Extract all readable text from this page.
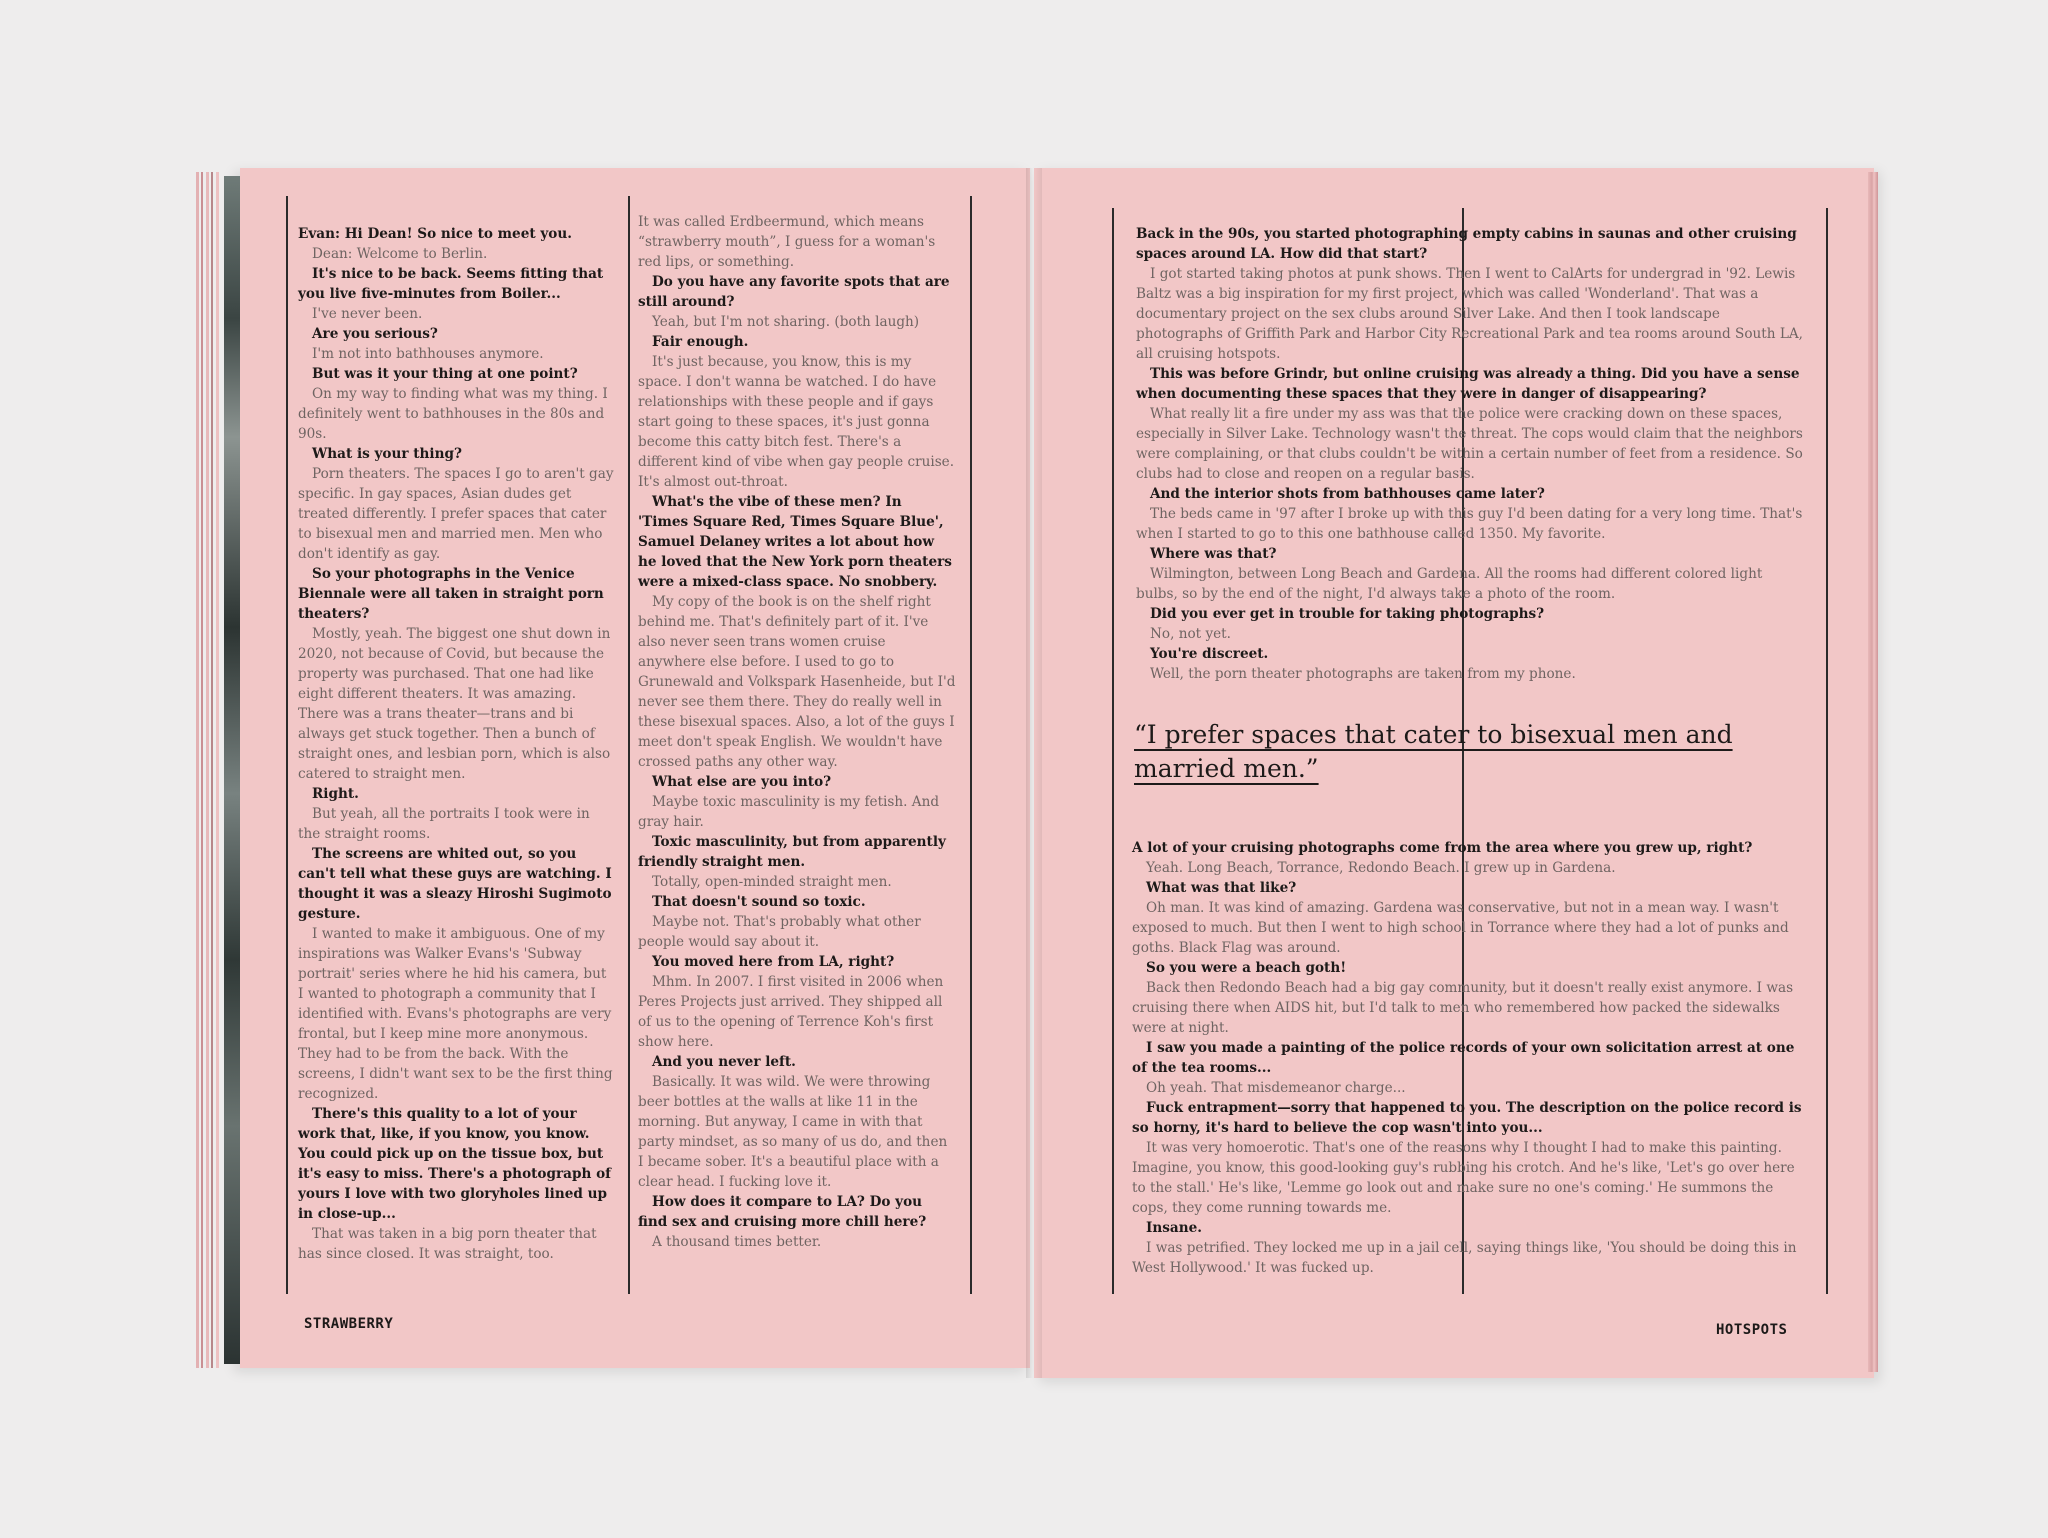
Evan: Hi Dean! So nice to meet you.

Dean: Welcome to Berlin.

It's nice to be back. Seems fitting that you live five-minutes from Boiler...

I've never been.

Are you serious?

I'm not into bathhouses anymore.

But was it your thing at one point?

On my way to finding what was my thing. I definitely went to bathhouses in the 80s and 90s.

What is your thing?

Porn theaters. The spaces I go to aren't gay specific. In gay spaces, Asian dudes get treated differently. I prefer spaces that cater to bisexual men and married men. Men who don't identify as gay.

So your photographs in the Venice Biennale were all taken in straight porn theaters?

Mostly, yeah. The biggest one shut down in 2020, not because of Covid, but because the property was purchased. That one had like eight different theaters. It was amazing. There was a trans theater—trans and bi always get stuck together. Then a bunch of straight ones, and lesbian porn, which is also catered to straight men.

Right.

But yeah, all the portraits I took were in the straight rooms.

The screens are whited out, so you can't tell what these guys are watching. I thought it was a sleazy Hiroshi Sugimoto gesture.

I wanted to make it ambiguous. One of my inspirations was Walker Evans's 'Subway portrait' series where he hid his camera, but I wanted to photograph a community that I identified with. Evans's photographs are very frontal, but I keep mine more anonymous. They had to be from the back. With the screens, I didn't want sex to be the first thing recognized.

There's this quality to a lot of your work that, like, if you know, you know. You could pick up on the tissue box, but it's easy to miss. There's a photograph of yours I love with two gloryholes lined up in close-up...

That was taken in a big porn theater that has since closed. It was straight, too.

It was called Erdbeermund, which means “strawberry mouth”, I guess for a woman's red lips, or something.

Do you have any favorite spots that are still around?

Yeah, but I'm not sharing. (both laugh)

Fair enough.

It's just because, you know, this is my space. I don't wanna be watched. I do have relationships with these people and if gays start going to these spaces, it's just gonna become this catty bitch fest. There's a different kind of vibe when gay people cruise. It's almost out-throat.

What's the vibe of these men? In 'Times Square Red, Times Square Blue', Samuel Delaney writes a lot about how he loved that the New York porn theaters were a mixed-class space. No snobbery.

My copy of the book is on the shelf right behind me. That's definitely part of it. I've also never seen trans women cruise anywhere else before. I used to go to Grunewald and Volkspark Hasenheide, but I'd never see them there. They do really well in these bisexual spaces. Also, a lot of the guys I meet don't speak English. We wouldn't have crossed paths any other way.

What else are you into?

Maybe toxic masculinity is my fetish. And gray hair.

Toxic masculinity, but from apparently friendly straight men.

Totally, open-minded straight men.

That doesn't sound so toxic.

Maybe not. That's probably what other people would say about it.

You moved here from LA, right?

Mhm. In 2007. I first visited in 2006 when Peres Projects just arrived. They shipped all of us to the opening of Terrence Koh's first show here.

And you never left.

Basically. It was wild. We were throwing beer bottles at the walls at like 11 in the morning. But anyway, I came in with that party mindset, as so many of us do, and then I became sober. It's a beautiful place with a clear head. I fucking love it.

How does it compare to LA? Do you find sex and cruising more chill here?

A thousand times better.

Back in the 90s, you started photographing empty cabins in saunas and other cruising spaces around LA. How did that start?

I got started taking photos at punk shows. Then I went to CalArts for undergrad in '92. Lewis Baltz was a big inspiration for my first project, which was called 'Wonderland'. That was a documentary project on the sex clubs around Silver Lake. And then I took landscape photographs of Griffith Park and Harbor City Recreational Park and tea rooms around South LA, all cruising hotspots.

This was before Grindr, but online cruising was already a thing. Did you have a sense when documenting these spaces that they were in danger of disappearing?

What really lit a fire under my ass was that the police were cracking down on these spaces, especially in Silver Lake. Technology wasn't the threat. The cops would claim that the neighbors were complaining, or that clubs couldn't be within a certain number of feet from a residence. So clubs had to close and reopen on a regular basis.

And the interior shots from bathhouses came later?

The beds came in '97 after I broke up with this guy I'd been dating for a very long time. That's when I started to go to this one bathhouse called 1350. My favorite.

Where was that?

Wilmington, between Long Beach and Gardena. All the rooms had different colored light bulbs, so by the end of the night, I'd always take a photo of the room.

Did you ever get in trouble for taking photographs?

No, not yet.

You're discreet.

Well, the porn theater photographs are taken from my phone.

“I prefer spaces that cater to bisexual men and married men.”

A lot of your cruising photographs come from the area where you grew up, right?

Yeah. Long Beach, Torrance, Redondo Beach. I grew up in Gardena.

What was that like?

Oh man. It was kind of amazing. Gardena was conservative, but not in a mean way. I wasn't exposed to much. But then I went to high school in Torrance where they had a lot of punks and goths. Black Flag was around.

So you were a beach goth!

Back then Redondo Beach had a big gay community, but it doesn't really exist anymore. I was cruising there when AIDS hit, but I'd talk to men who remembered how packed the sidewalks were at night.

I saw you made a painting of the police records of your own solicitation arrest at one of the tea rooms...

Oh yeah. That misdemeanor charge...

Fuck entrapment—sorry that happened to you. The description on the police record is so horny, it's hard to believe the cop wasn't into you...

It was very homoerotic. That's one of the reasons why I thought I had to make this painting. Imagine, you know, this good-looking guy's rubbing his crotch. And he's like, 'Let's go over here to the stall.' He's like, 'Lemme go look out and make sure no one's coming.' He summons the cops, they come running towards me.

Insane.

I was petrified. They locked me up in a jail cell, saying things like, 'You should be doing this in West Hollywood.' It was fucked up.

STRAWBERRY	HOTSPOTS
